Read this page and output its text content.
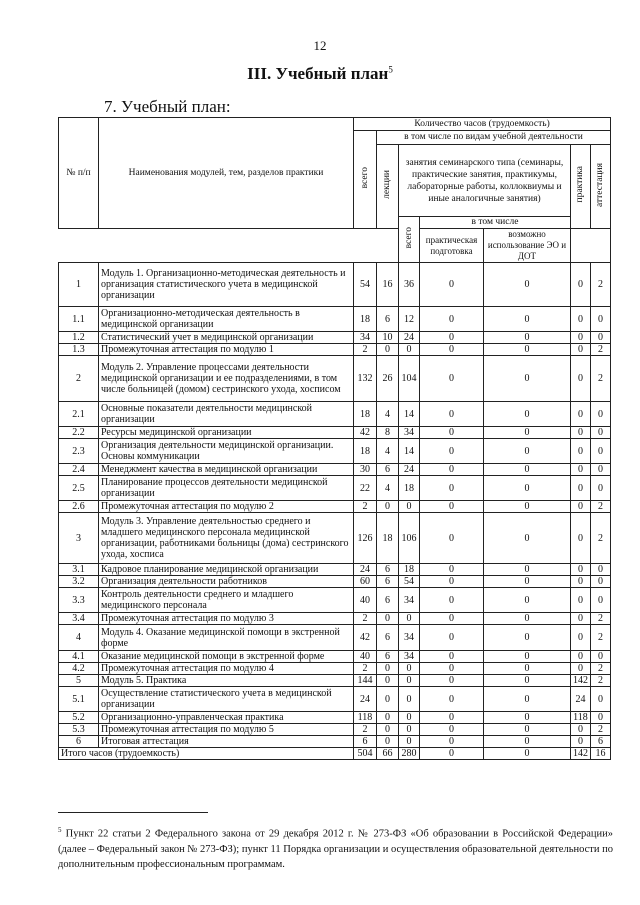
12
III. Учебный план$^5$
7. Учебный план:
№ п/п	Наименования модулей, тем, разделов практики	Количество часов (трудоемкость)						
		всего	в том числе по видам учебной деятельности					
			лекции	занятия семинарского типа (семинары, практические занятия, практикумы, лабораторные работы, коллоквиумы и иные аналогичные занятия)			практика	аттестация
				всего	в том числе			
					практическая подготовка	возможно использование ЭО и ДОТ		
1	Модуль 1. Организационно-методическая деятельность и организация статистического учета в медицинской организации	54	16	36	0	0	0	2
1.1	Организационно-методическая деятельность в медицинской организации	18	6	12	0	0	0	0
1.2	Статистический учет в медицинской организации	34	10	24	0	0	0	0
1.3	Промежуточная аттестация по модулю 1	2	0	0	0	0	0	2
2	Модуль 2. Управление процессами деятельности медицинской организации и ее подразделениями, в том числе больницей (домом) сестринского ухода, хосписом	132	26	104	0	0	0	2
2.1	Основные показатели деятельности медицинской организации	18	4	14	0	0	0	0
2.2	Ресурсы медицинской организации	42	8	34	0	0	0	0
2.3	Организация деятельности медицинской организации. Основы коммуникации	18	4	14	0	0	0	0
2.4	Менеджмент качества в медицинской организации	30	6	24	0	0	0	0
2.5	Планирование процессов деятельности медицинской организации	22	4	18	0	0	0	0
2.6	Промежуточная аттестация по модулю 2	2	0	0	0	0	0	2
3	Модуль 3. Управление деятельностью среднего и младшего медицинского персонала медицинской организации, работниками больницы (дома) сестринского ухода, хосписа	126	18	106	0	0	0	2
3.1	Кадровое планирование медицинской организации	24	6	18	0	0	0	0
3.2	Организация деятельности работников	60	6	54	0	0	0	0
3.3	Контроль деятельности среднего и младшего медицинского персонала	40	6	34	0	0	0	0
3.4	Промежуточная аттестация по модулю 3	2	0	0	0	0	0	2
4	Модуль 4. Оказание медицинской помощи в экстренной форме	42	6	34	0	0	0	2
4.1	Оказание медицинской помощи в экстренной форме	40	6	34	0	0	0	0
4.2	Промежуточная аттестация по модулю 4	2	0	0	0	0	0	2
5	Модуль 5. Практика	144	0	0	0	0	142	2
5.1	Осуществление статистического учета в медицинской организации	24	0	0	0	0	24	0
5.2	Организационно-управленческая практика	118	0	0	0	0	118	0
5.3	Промежуточная аттестация по модулю 5	2	0	0	0	0	0	2
6	Итоговая аттестация	6	0	0	0	0	0	6
Итого часов (трудоемкость)		504	66	280	0	0	142	16
$^5$ Пункт 22 статьи 2 Федерального закона от 29 декабря 2012 г. № 273-ФЗ «Об образовании в Российской Федерации» (далее – Федеральный закон № 273-ФЗ); пункт 11 Порядка организации и осуществления образовательной деятельности по дополнительным профессиональным программам.
